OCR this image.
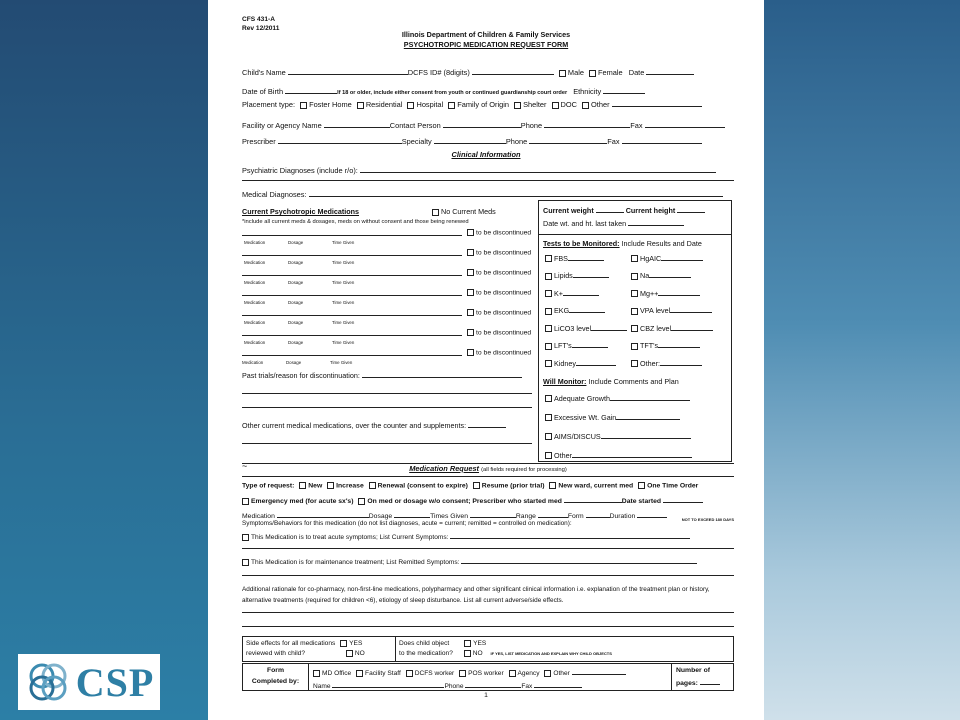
CSP
CFS 431-A
Rev 12/2011
Illinois Department of Children & Family Services
PSYCHOTROPIC MEDICATION REQUEST FORM
Child's Name	DCFS ID# (8digits)	Male Female Date
Date of Birth	If 18 or older, include either consent from youth or continued guardianship court order Ethnicity
Placement type: Foster Home Residential Hospital Family of Origin Shelter DOC Other
Facility or Agency Name	Contact Person	Phone	Fax
Prescriber	Specialty	Phone	Fax
Clinical Information
Psychiatric Diagnoses (include r/o):
Medical Diagnoses:
Current Psychotropic Medications	No Current Meds
*include all current meds & dosages, meds on without consent and those being renewed
to be discontinued
Medication	Dosage	Time Given
to be discontinued
Medication	Dosage	Time Given
to be discontinued
Medication	Dosage	Time Given
to be discontinued
Medication	Dosage	Time Given
to be discontinued
Medication	Dosage	Time Given
to be discontinued
Medication	Dosage	Time Given
to be discontinued
Medication	Dosage	Time Given
Past trials/reason for discontinuation:
Other current medical medications, over the counter and supplements:
Current weight	Current height
Date wt. and ht. last taken
Tests to be Monitored: Include Results and Date
FBS	HgAIC
Lipids	Na
K+	Mg++
EKG	VPA level
LiCO3 level	CBZ level
LFT's	TFT's
Kidney	Other:
Will Monitor: Include Comments and Plan
Adequate Growth
Excessive Wt. Gain
AIMS/DISCUS
Other
~	Medication Request (all fields required for processing)
Type of request: New Increase Renewal (consent to expire) Resume (prior trial) New ward, current med One Time Order
Emergency med (for acute sx's) On med or dosage w/o consent; Prescriber who started med	Date started
Medication	Dosage	Times Given	Range	Form	Duration
Symptoms/Behaviors for this medication (do not list diagnoses, acute = current; remitted = controlled on medication):
NOT TO EXCEED 180 DAYS
This Medication is to treat acute symptoms; List Current Symptoms:
This Medication is for maintenance treatment; List Remitted Symptoms:
Additional rationale for co-pharmacy, non-first-line medications, polypharmacy and other significant clinical information i.e. explanation of the treatment plan or history, alternative treatments (required for children <6), etiology of sleep disturbance. List all current adverse/side effects.
Side effects for all medications YES
reviewed with child?	NO
Does child object	YES
to the medication?	NO IF YES, LIST MEDICATION AND EXPLAIN WHY CHILD OBJECTS
Form
Completed by:
MD Office Facility Staff DCFS worker POS worker Agency Other
Name	Phone	Fax
Number of
pages:
1
